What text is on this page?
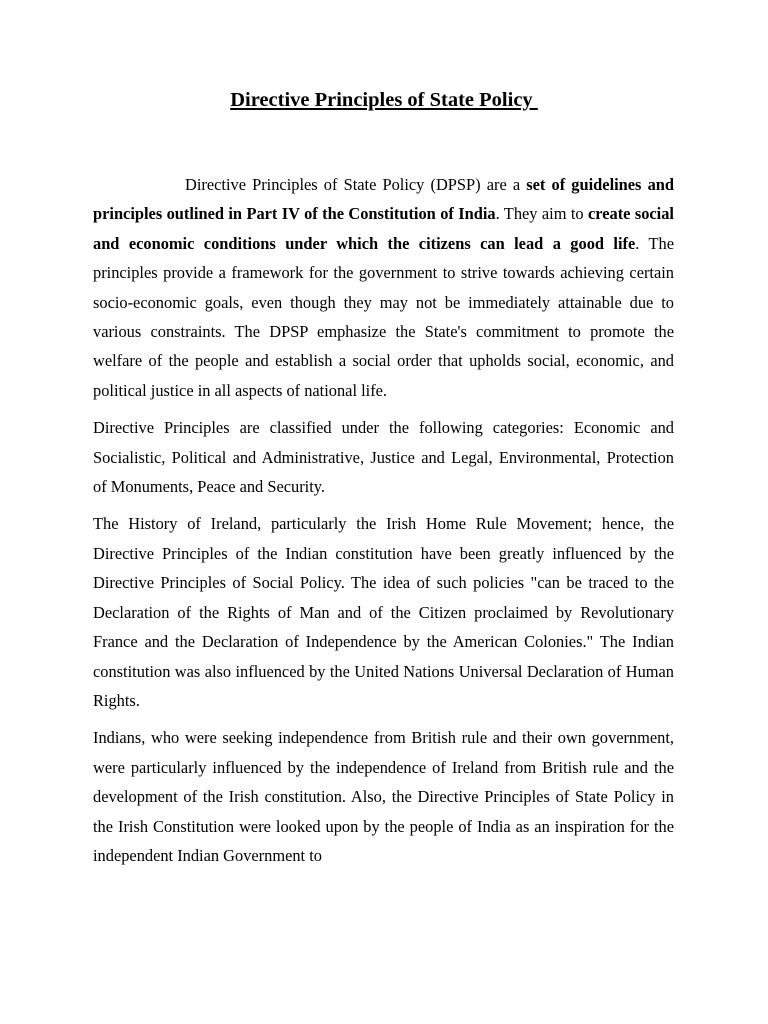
Directive Principles of State Policy

Directive Principles of State Policy (DPSP) are a set of guidelines and principles outlined in Part IV of the Constitution of India. They aim to create social and economic conditions under which the citizens can lead a good life. The principles provide a framework for the government to strive towards achieving certain socio-economic goals, even though they may not be immediately attainable due to various constraints. The DPSP emphasize the State's commitment to promote the welfare of the people and establish a social order that upholds social, economic, and political justice in all aspects of national life.

Directive Principles are classified under the following categories: Economic and Socialistic, Political and Administrative, Justice and Legal, Environmental, Protection of Monuments, Peace and Security.

The History of Ireland, particularly the Irish Home Rule Movement; hence, the Directive Principles of the Indian constitution have been greatly influenced by the Directive Principles of Social Policy. The idea of such policies "can be traced to the Declaration of the Rights of Man and of the Citizen proclaimed by Revolutionary France and the Declaration of Independence by the American Colonies." The Indian constitution was also influenced by the United Nations Universal Declaration of Human Rights.

Indians, who were seeking independence from British rule and their own government, were particularly influenced by the independence of Ireland from British rule and the development of the Irish constitution. Also, the Directive Principles of State Policy in the Irish Constitution were looked upon by the people of India as an inspiration for the independent Indian Government to
